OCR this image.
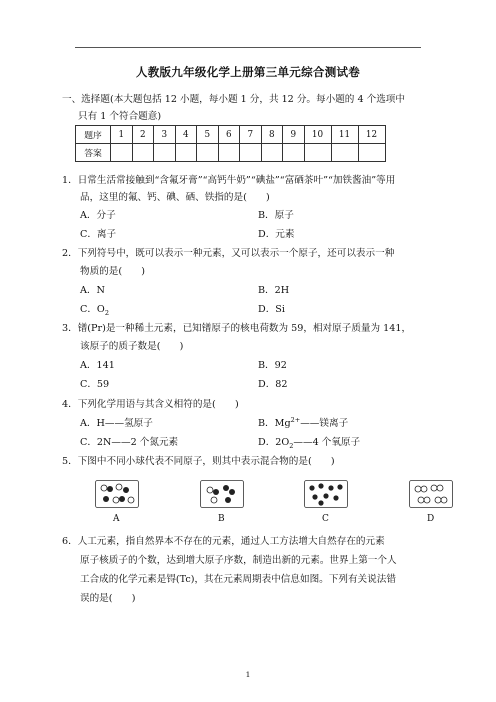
人教版九年级化学上册第三单元综合测试卷
一、选择题(本大题包括 12 小题，每小题 1 分，共 12 分。每小题的 4 个选项中
只有 1 个符合题意)
题序	1	2	3	4	5	6	7	8	9	10	11	12
答案												
1．日常生活常接触到“含氟牙膏”“高钙牛奶”“碘盐”“富硒茶叶”“加铁酱油”等用
品，这里的氟、钙、碘、硒、铁指的是(　　)
A．分子	B．原子
C．离子	D．元素
2．下列符号中，既可以表示一种元素，又可以表示一个原子，还可以表示一种
物质的是(　　)
A．N	B．2H
C．$O_2$	D．Si
3．镨(Pr)是一种稀土元素，已知镨原子的核电荷数为 59，相对原子质量为 141，
该原子的质子数是(　　)
A．141	B．92
C．59	D．82
4．下列化学用语与其含义相符的是(　　)
A．H——氢原子	B．$Mg^{2+}——$镁离子
C．2N——2 个氮元素	D．$2O_2——4$ 个氧原子
5．下图中不同小球代表不同原子，则其中表示混合物的是(　　)
A	B	C	D
6．人工元素，指自然界本不存在的元素，通过人工方法增大自然存在的元素
原子核质子的个数，达到增大原子序数，制造出新的元素。世界上第一个人
工合成的化学元素是锝(Tc)，其在元素周期表中信息如图。下列有关说法错
误的是(　　)
1
